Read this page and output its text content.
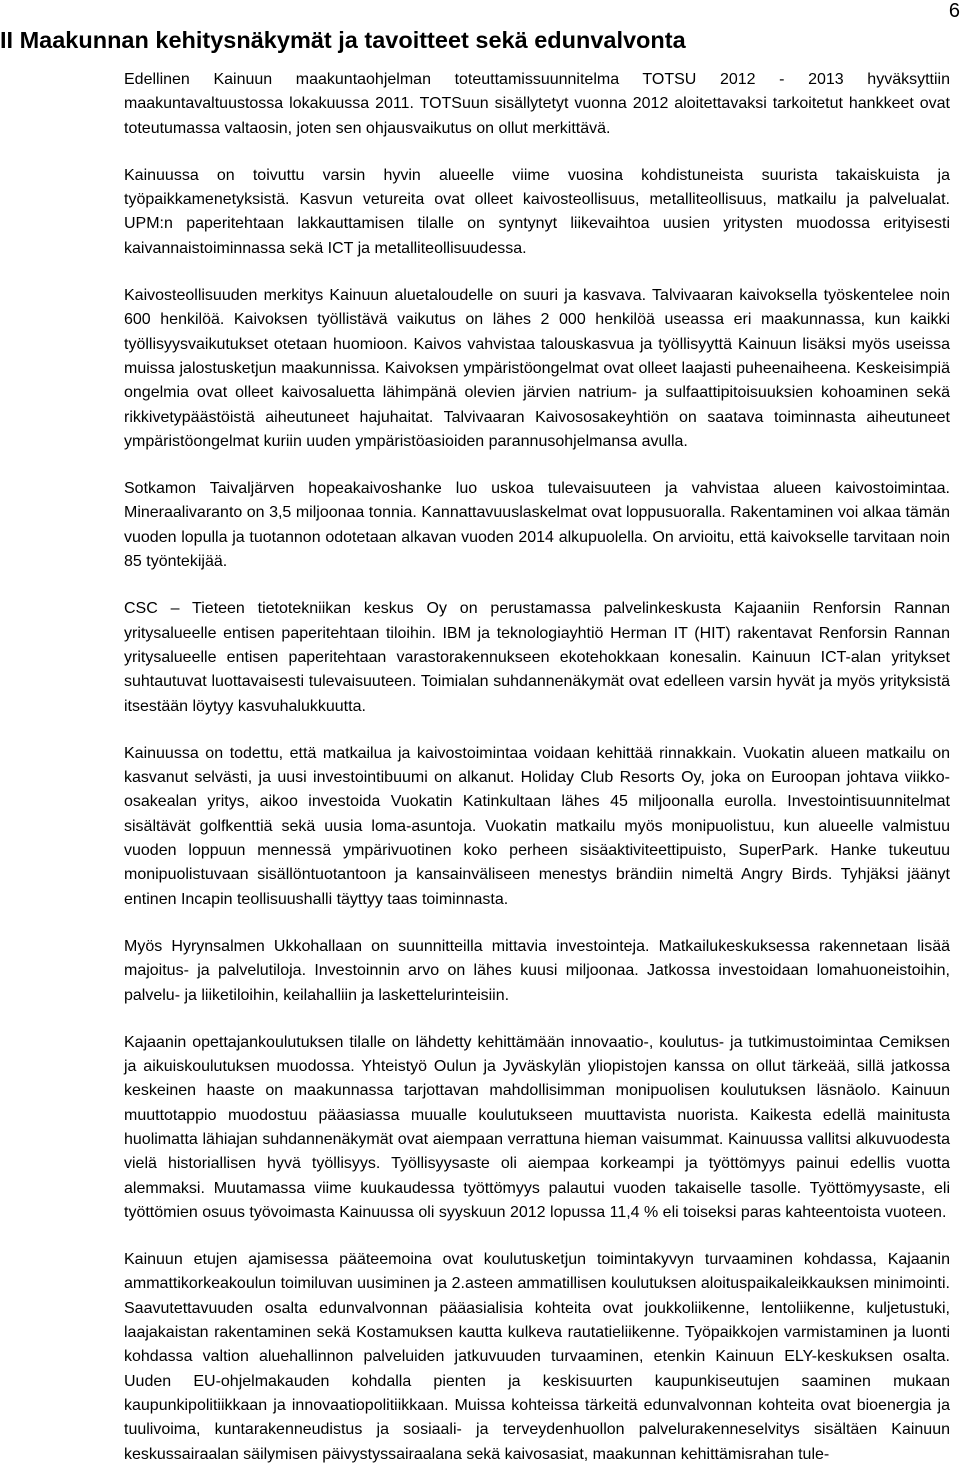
6
II Maakunnan kehitysnäkymät ja tavoitteet sekä edunvalvonta

Edellinen Kainuun maakuntaohjelman toteuttamissuunnitelma TOTSU 2012 - 2013 hyväksyttiin maakuntavaltuustossa lokakuussa 2011. TOTSuun sisällytetyt vuonna 2012 aloitettavaksi tarkoitetut hankkeet ovat toteutumassa valtaosin, joten sen ohjausvaikutus on ollut merkittävä.

Kainuussa on toivuttu varsin hyvin alueelle viime vuosina kohdistuneista suurista takaiskuista ja työpaikkamenetyksistä. Kasvun vetureita ovat olleet kaivosteollisuus, metalliteollisuus, matkailu ja palvelualat. UPM:n paperitehtaan lakkauttamisen tilalle on syntynyt liikevaihtoa uusien yritysten muodossa erityisesti kaivannaistoiminnassa sekä ICT ja metalliteollisuudessa.

Kaivosteollisuuden merkitys Kainuun aluetaloudelle on suuri ja kasvava. Talvivaaran kaivoksella työskentelee noin 600 henkilöä. Kaivoksen työllistävä vaikutus on lähes 2 000 henkilöä useassa eri maakunnassa, kun kaikki työllisyysvaikutukset otetaan huomioon. Kaivos vahvistaa talouskasvua ja työllisyyttä Kainuun lisäksi myös useissa muissa jalostusketjun maakunnissa. Kaivoksen ympäristöongelmat ovat olleet laajasti puheenaiheena. Keskeisimpiä ongelmia ovat olleet kaivosaluetta lähimpänä olevien järvien natrium- ja sulfaattipitoisuuksien kohoaminen sekä rikkivetypäästöistä aiheutuneet hajuhaitat. Talvivaaran Kaivososakeyhtiön on saatava toiminnasta aiheutuneet ympäristöongelmat kuriin uuden ympäristöasioiden parannusohjelmansa avulla.

Sotkamon Taivaljärven hopeakaivoshanke luo uskoa tulevaisuuteen ja vahvistaa alueen kaivostoimintaa. Mineraalivaranto on 3,5 miljoonaa tonnia. Kannattavuuslaskelmat ovat loppusuoralla. Rakentaminen voi alkaa tämän vuoden lopulla ja tuotannon odotetaan alkavan vuoden 2014 alkupuolella. On arvioitu, että kaivokselle tarvitaan noin 85 työntekijää.

CSC – Tieteen tietotekniikan keskus Oy on perustamassa palvelinkeskusta Kajaaniin Renforsin Rannan yritysalueelle entisen paperitehtaan tiloihin. IBM ja teknologiayhtiö Herman IT (HIT) rakentavat Renforsin Rannan yritysalueelle entisen paperitehtaan varastorakennukseen ekotehokkaan konesalin. Kainuun ICT-alan yritykset suhtautuvat luottavaisesti tulevaisuuteen. Toimialan suhdannenäkymät ovat edelleen varsin hyvät ja myös yrityksistä itsestään löytyy kasvuhalukkuutta.

Kainuussa on todettu, että matkailua ja kaivostoimintaa voidaan kehittää rinnakkain. Vuokatin alueen matkailu on kasvanut selvästi, ja uusi investointibuumi on alkanut. Holiday Club Resorts Oy, joka on Euroopan johtava viikko-osakealan yritys, aikoo investoida Vuokatin Katinkultaan lähes 45 miljoonalla eurolla. Investointisuunnitelmat sisältävät golfkenttiä sekä uusia loma-asuntoja. Vuokatin matkailu myös monipuolistuu, kun alueelle valmistuu vuoden loppuun mennessä ympärivuotinen koko perheen sisäaktiviteettipuisto, SuperPark. Hanke tukeutuu monipuolistuvaan sisällöntuotantoon ja kansainväliseen menestys brändiin nimeltä Angry Birds. Tyhjäksi jäänyt entinen Incapin teollisuushalli täyttyy taas toiminnasta.

Myös Hyrynsalmen Ukkohallaan on suunnitteilla mittavia investointeja. Matkailukeskuksessa rakennetaan lisää majoitus- ja palvelutiloja. Investoinnin arvo on lähes kuusi miljoonaa. Jatkossa investoidaan lomahuoneistoihin, palvelu- ja liiketiloihin, keilahalliin ja laskettelurinteisiin.

Kajaanin opettajankoulutuksen tilalle on lähdetty kehittämään innovaatio-, koulutus- ja tutkimustoimintaa Cemiksen ja aikuiskoulutuksen muodossa. Yhteistyö Oulun ja Jyväskylän yliopistojen kanssa on ollut tärkeää, sillä jatkossa keskeinen haaste on maakunnassa tarjottavan mahdollisimman monipuolisen koulutuksen läsnäolo. Kainuun muuttotappio muodostuu pääasiassa muualle koulutukseen muuttavista nuorista. Kaikesta edellä mainitusta huolimatta lähiajan suhdannenäkymät ovat aiempaan verrattuna hieman vaisummat. Kainuussa vallitsi alkuvuodesta vielä historiallisen hyvä työllisyys. Työllisyysaste oli aiempaa korkeampi ja työttömyys painui edellis vuotta alemmaksi. Muutamassa viime kuukaudessa työttömyys palautui vuoden takaiselle tasolle. Työttömyysaste, eli työttömien osuus työvoimasta Kainuussa oli syyskuun 2012 lopussa 11,4 % eli toiseksi paras kahteentoista vuoteen.

Kainuun etujen ajamisessa pääteemoina ovat koulutusketjun toimintakyvyn turvaaminen kohdassa, Kajaanin ammattikorkeakoulun toimiluvan uusiminen ja 2.asteen ammatillisen koulutuksen aloituspaikaleikkauksen minimointi. Saavutettavuuden osalta edunvalvonnan pääasialisia kohteita ovat joukkoliikenne, lentoliikenne, kuljetustuki, laajakaistan rakentaminen sekä Kostamuksen kautta kulkeva rautatieliikenne. Työpaikkojen varmistaminen ja luonti kohdassa valtion aluehallinnon palveluiden jatkuvuuden turvaaminen, etenkin Kainuun ELY-keskuksen osalta. Uuden EU-ohjelmakauden kohdalla pienten ja keskisuurten kaupunkiseutujen saaminen mukaan kaupunkipolitiikkaan ja innovaatiopolitiikkaan. Muissa kohteissa tärkeitä edunvalvonnan kohteita ovat bioenergia ja tuulivoima, kuntarakenneudistus ja sosiaali- ja terveydenhuollon palvelurakenneselvitys sisältäen Kainuun keskussairaalan säilymisen päivystyssairaalana sekä kaivosasiat, maakunnan kehittämisrahan tule-
